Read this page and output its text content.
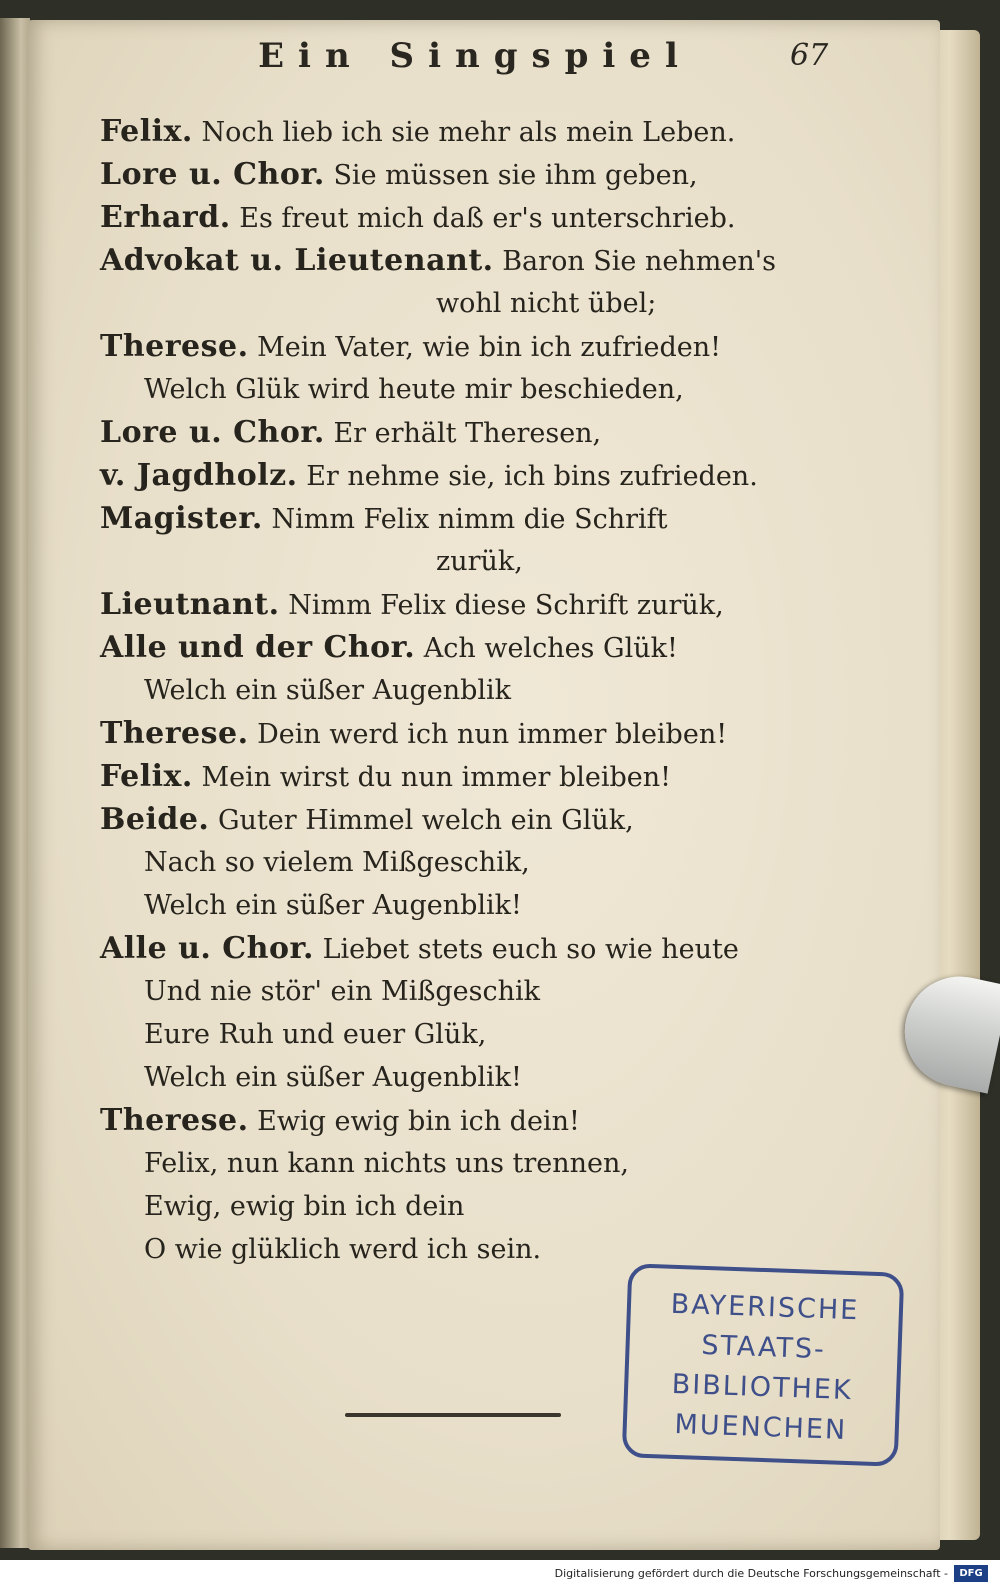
Ein Singspiel	67
Felix. Noch lieb ich sie mehr als mein Leben.
Lore u. Chor. Sie müssen sie ihm geben,
Erhard. Es freut mich daß er's unterschrieb.
Advokat u. Lieutenant. Baron Sie nehmen's
wohl nicht übel;
Therese. Mein Vater, wie bin ich zufrieden!
Welch Glük wird heute mir beschieden,
Lore u. Chor. Er erhält Theresen,
v. Jagdholz. Er nehme sie, ich bins zufrieden.
Magister. Nimm Felix nimm die Schrift
zurük,
Lieutnant. Nimm Felix diese Schrift zurük,
Alle und der Chor. Ach welches Glük!
Welch ein süßer Augenblik
Therese. Dein werd ich nun immer bleiben!
Felix. Mein wirst du nun immer bleiben!
Beide. Guter Himmel welch ein Glük,
Nach so vielem Mißgeschik,
Welch ein süßer Augenblik!
Alle u. Chor. Liebet stets euch so wie heute
Und nie stör' ein Mißgeschik
Eure Ruh und euer Glük,
Welch ein süßer Augenblik!
Therese. Ewig ewig bin ich dein!
Felix, nun kann nichts uns trennen,
Ewig, ewig bin ich dein
O wie glüklich werd ich sein.
BAYERISCHE
STAATS-
BIBLIOTHEK
MUENCHEN
Digitalisierung gefördert durch die Deutsche Forschungsgemeinschaft -	DFG
